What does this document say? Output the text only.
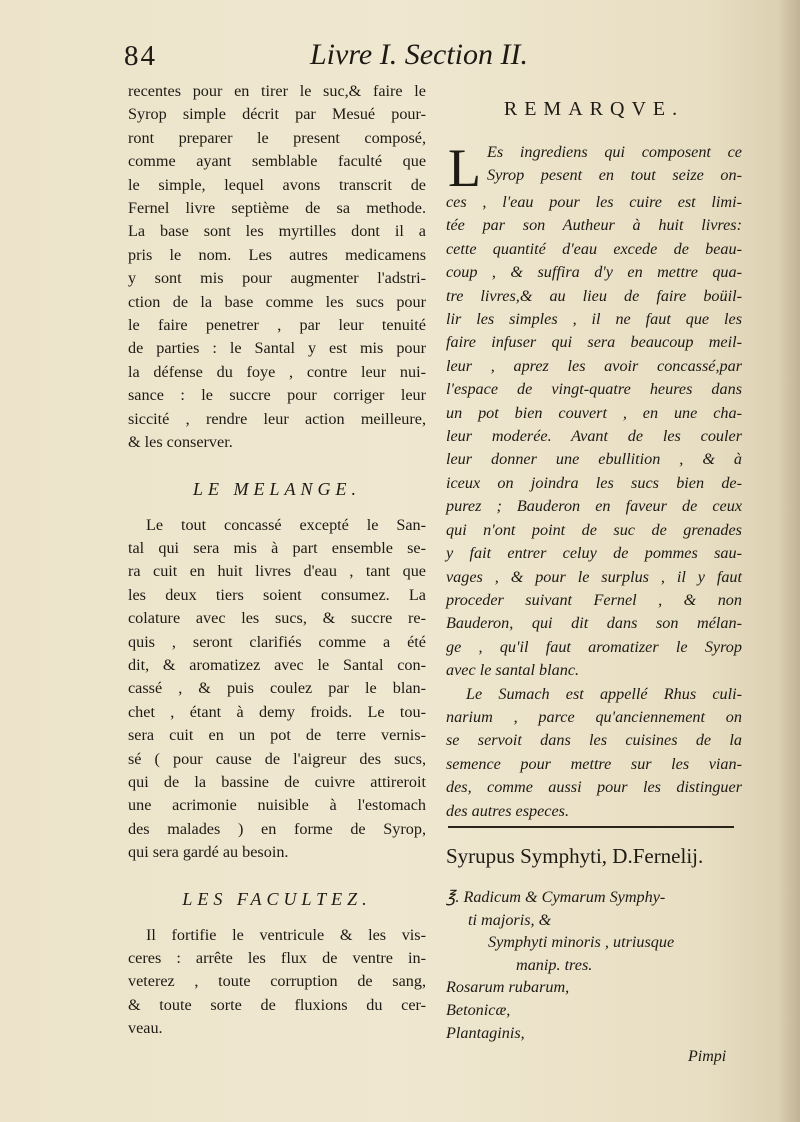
84	Livre I. Section II.

recentes pour en tirer le suc,& faire le
Syrop simple décrit par Mesué pour-
ront preparer le present composé,
comme ayant semblable faculté que
le simple, lequel avons transcrit de
Fernel livre septième de sa methode.
La base sont les myrtilles dont il a
pris le nom. Les autres medicamens
y sont mis pour augmenter l'adstri-
ction de la base comme les sucs pour
le faire penetrer , par leur tenuité
de parties : le Santal y est mis pour
la défense du foye , contre leur nui-
sance : le succre pour corriger leur
siccité , rendre leur action meilleure,
& les conserver.

LE MELANGE.

Le tout concassé excepté le San-
tal qui sera mis à part ensemble se-
ra cuit en huit livres d'eau , tant que
les deux tiers soient consumez. La
colature avec les sucs, & succre re-
quis , seront clarifiés comme a été
dit, & aromatizez avec le Santal con-
cassé , & puis coulez par le blan-
chet , étant à demy froids. Le tou-
sera cuit en un pot de terre vernis-
sé ( pour cause de l'aigreur des sucs,
qui de la bassine de cuivre attireroit
une acrimonie nuisible à l'estomach
des malades ) en forme de Syrop,
qui sera gardé au besoin.

LES FACULTEZ.

Il fortifie le ventricule & les vis-
ceres : arrête les flux de ventre in-
veterez , toute corruption de sang,
& toute sorte de fluxions du cer-
veau.

REMARQVE.

L Es ingrediens qui composent ce
Syrop pesent en tout seize on-
ces , l'eau pour les cuire est limi-
tée par son Autheur à huit livres:
cette quantité d'eau excede de beau-
coup , & suffira d'y en mettre qua-
tre livres,& au lieu de faire boüil-
lir les simples , il ne faut que les
faire infuser qui sera beaucoup meil-
leur , aprez les avoir concassé,par
l'espace de vingt-quatre heures dans
un pot bien couvert , en une cha-
leur moderée. Avant de les couler
leur donner une ebullition , & à
iceux on joindra les sucs bien de-
purez ; Bauderon en faveur de ceux
qui n'ont point de suc de grenades
y fait entrer celuy de pommes sau-
vages , & pour le surplus , il y faut
proceder suivant Fernel , & non
Bauderon, qui dit dans son mélan-
ge , qu'il faut aromatizer le Syrop
avec le santal blanc.
Le Sumach est appellé Rhus culi-
narium , parce qu'anciennement on
se servoit dans les cuisines de la
semence pour mettre sur les vian-
des, comme aussi pour les distinguer
des autres especes.
Syrupus Symphyti, D.Fernelij.
℥. Radicum & Cymarum Symphy-
ti majoris, &
Symphyti minoris , utriusque
manip. tres.
Rosarum rubarum,
Betonicæ,
Plantaginis,
Pimpi
